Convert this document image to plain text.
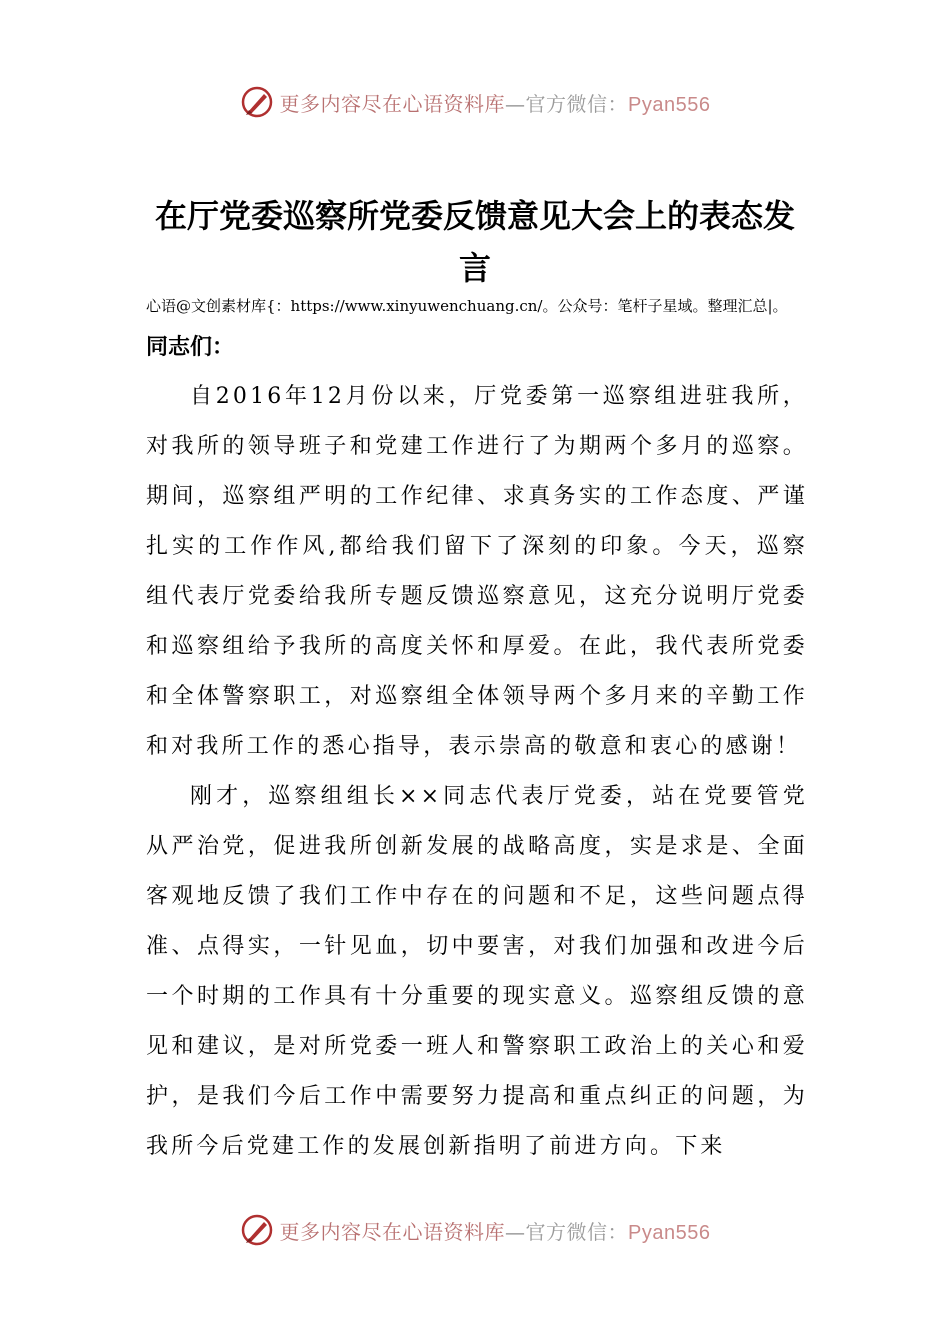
更多内容尽在心语资料库—官方微信：Pyan556
在厅党委巡察所党委反馈意见大会上的表态发言
心语@文创素材库{：https://www.xinyuwenchuang.cn/。公众号：笔杆子星域。整理汇总|。
同志们：

自2016年12月份以来，厅党委第一巡察组进驻我所，对我所的领导班子和党建工作进行了为期两个多月的巡察。期间，巡察组严明的工作纪律、求真务实的工作态度、严谨扎实的工作作风,都给我们留下了深刻的印象。今天，巡察组代表厅党委给我所专题反馈巡察意见，这充分说明厅党委和巡察组给予我所的高度关怀和厚爱。在此，我代表所党委和全体警察职工，对巡察组全体领导两个多月来的辛勤工作和对我所工作的悉心指导，表示崇高的敬意和衷心的感谢！

刚才，巡察组组长××同志代表厅党委，站在党要管党从严治党，促进我所创新发展的战略高度，实是求是、全面客观地反馈了我们工作中存在的问题和不足，这些问题点得准、点得实，一针见血，切中要害，对我们加强和改进今后一个时期的工作具有十分重要的现实意义。巡察组反馈的意见和建议，是对所党委一班人和警察职工政治上的关心和爱护，是我们今后工作中需要努力提高和重点纠正的问题，为我所今后党建工作的发展创新指明了前进方向。下来

更多内容尽在心语资料库—官方微信：Pyan556
